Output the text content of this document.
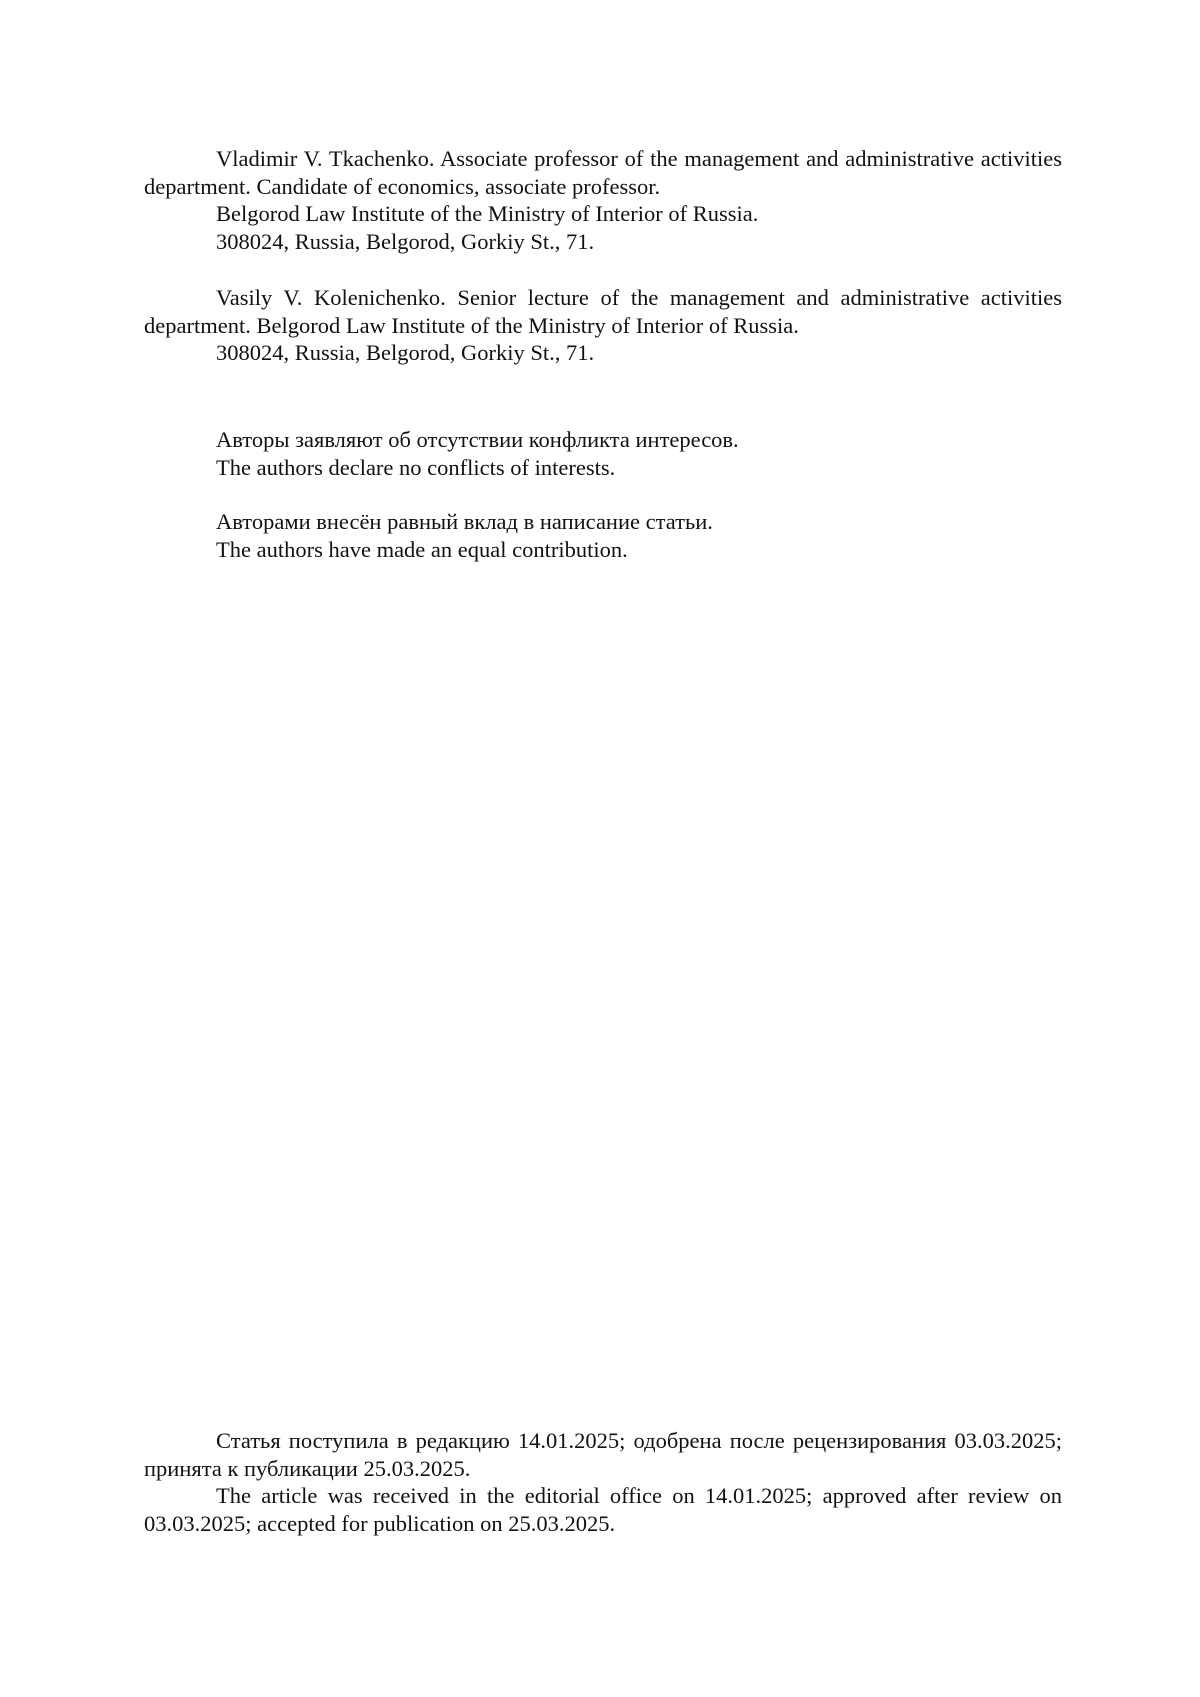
Vladimir V. Tkachenko. Associate professor of the management and administrative activities department. Candidate of economics, associate professor.

Belgorod Law Institute of the Ministry of Interior of Russia.

308024, Russia, Belgorod, Gorkiy St., 71.

Vasily V. Kolenichenko. Senior lecture of the management and administrative activities department. Belgorod Law Institute of the Ministry of Interior of Russia.

308024, Russia, Belgorod, Gorkiy St., 71.

Авторы заявляют об отсутствии конфликта интересов.

The authors declare no conflicts of interests.

Авторами внесён равный вклад в написание статьи.

The authors have made an equal contribution.

Статья поступила в редакцию 14.01.2025; одобрена после рецензирования 03.03.2025; принята к публикации 25.03.2025.

The article was received in the editorial office on 14.01.2025; approved after review on 03.03.2025; accepted for publication on 25.03.2025.
